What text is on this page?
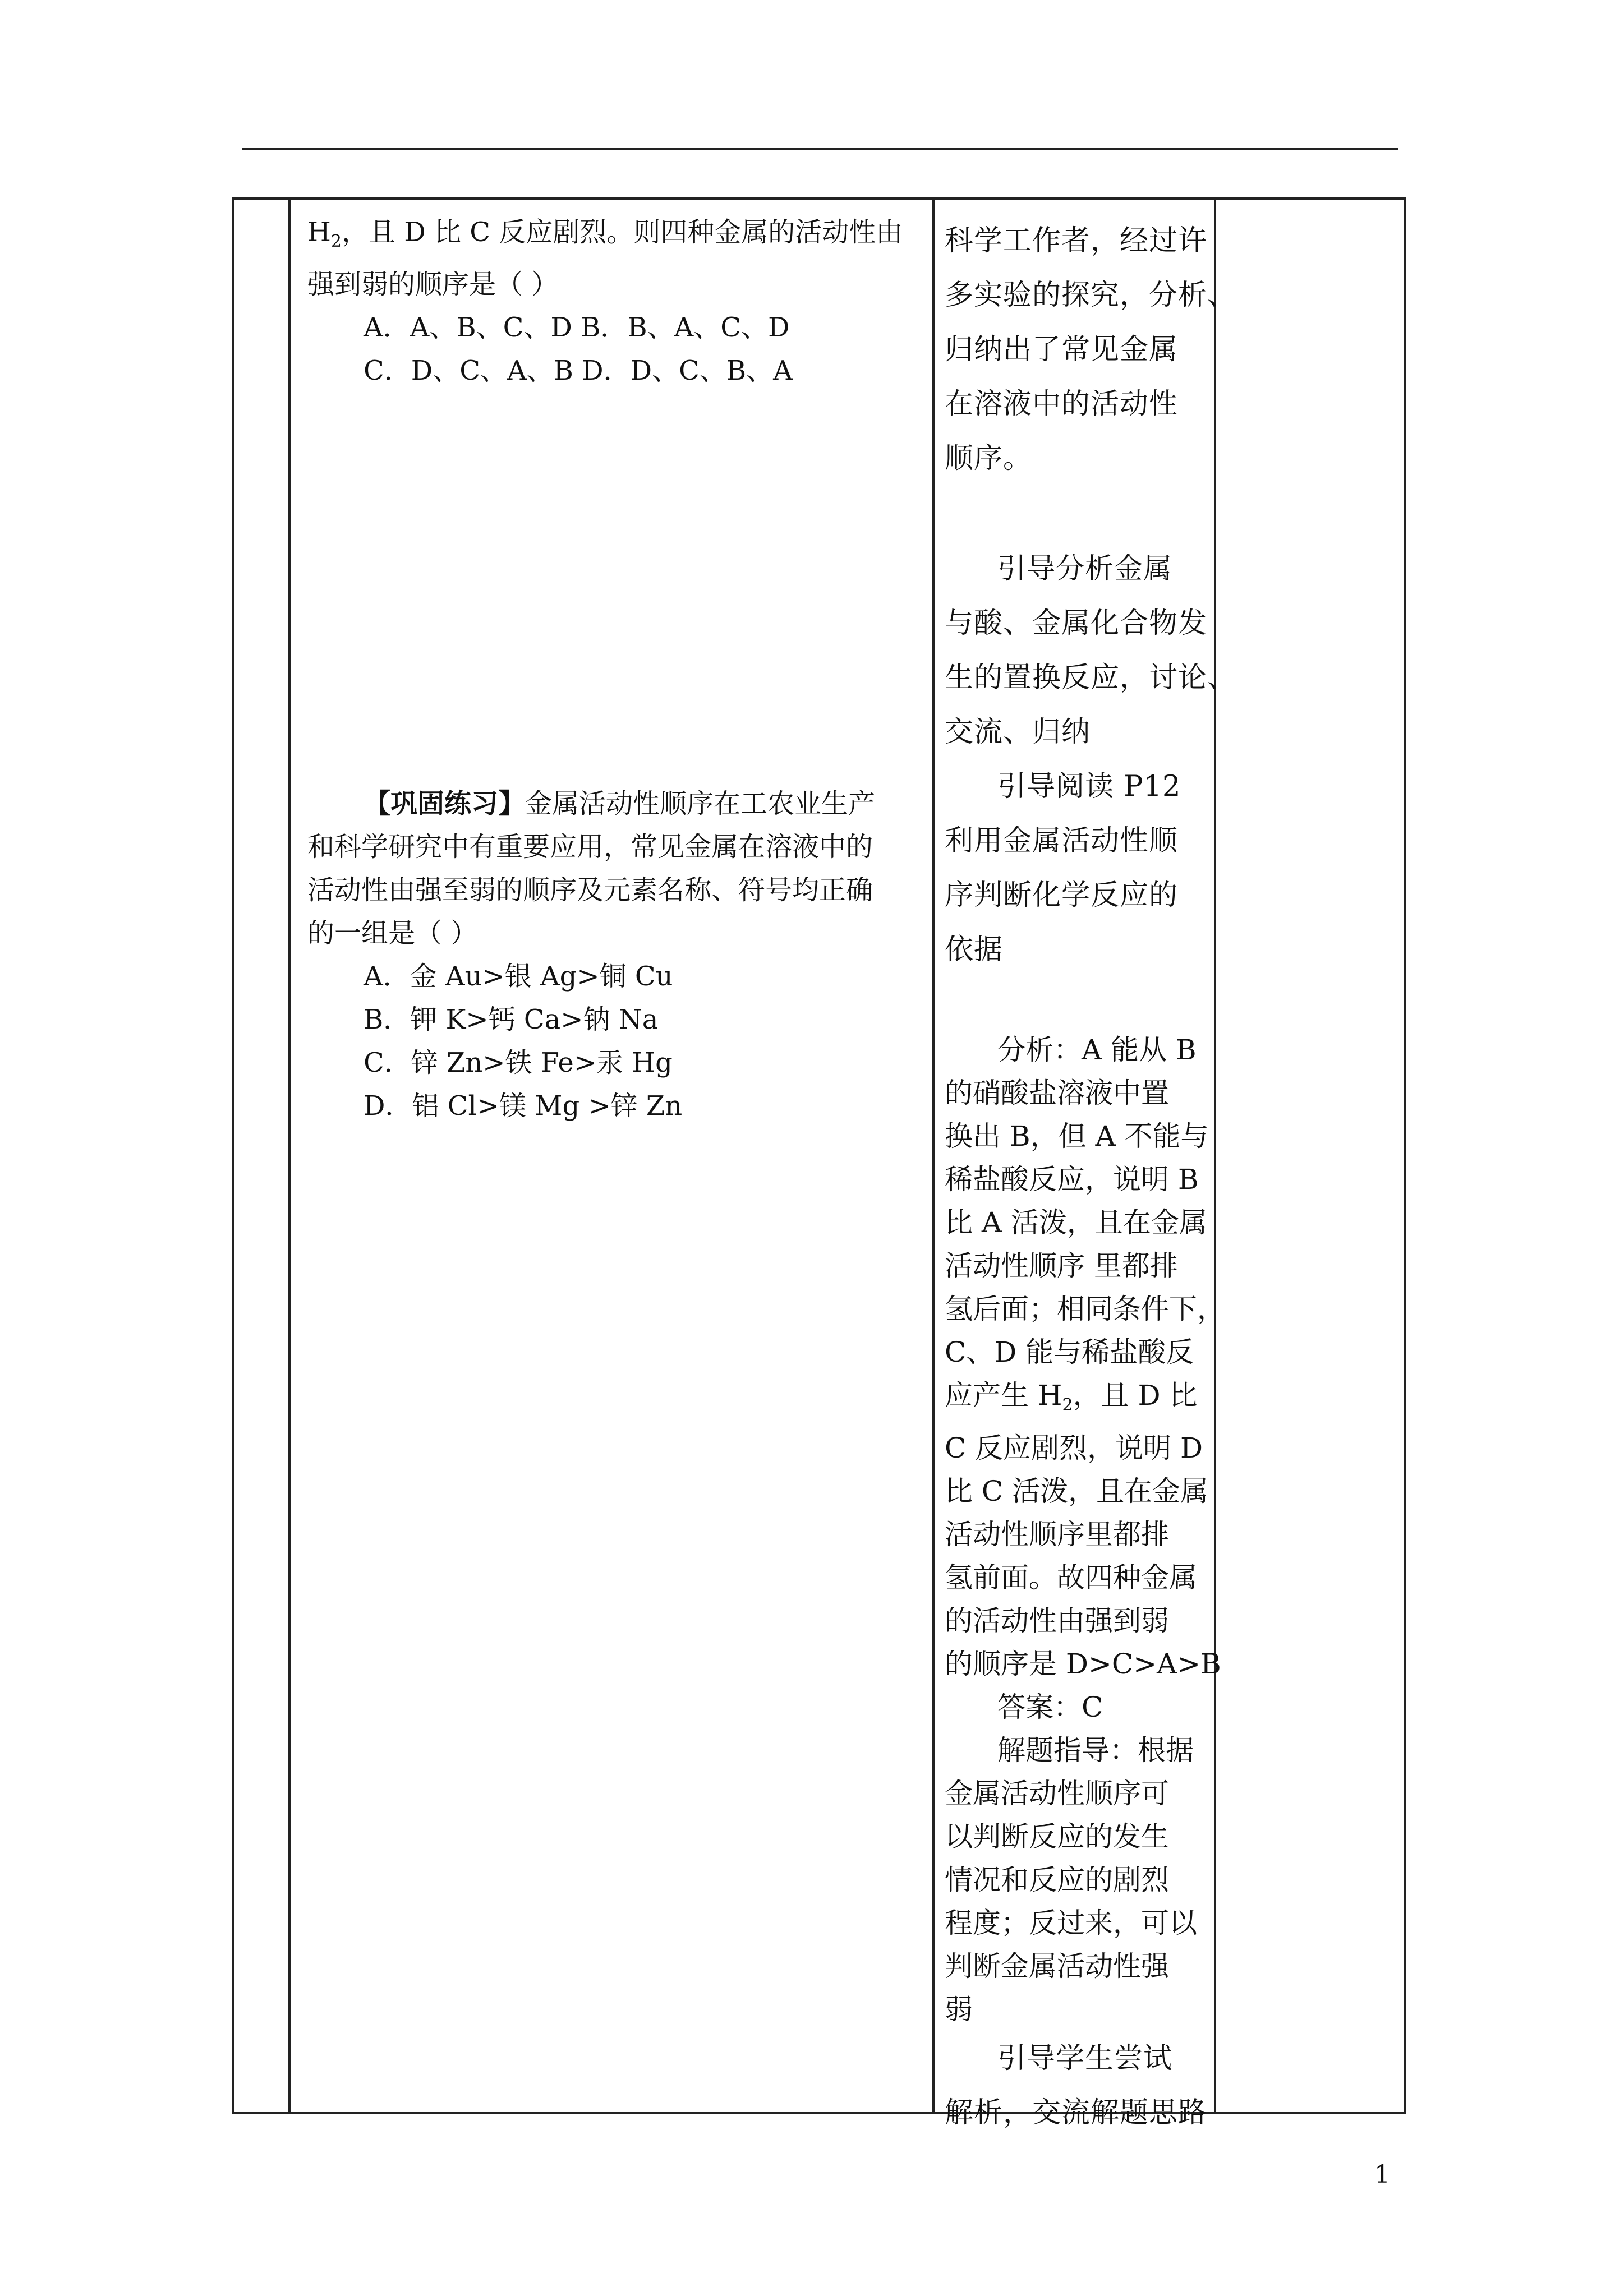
$H_2$，且 D 比 C 反应剧烈。则四种金属的活动性由

强到弱的顺序是（ ）

A．A、B、C、D B．B、A、C、D

C．D、C、A、B D．D、C、B、A

【巩固练习】金属活动性顺序在工农业生产

和科学研究中有重要应用，常见金属在溶液中的

活动性由强至弱的顺序及元素名称、符号均正确

的一组是（ ）

A．金 Au>银 Ag>铜 Cu

B．钾 K>钙 Ca>钠 Na

C．锌 Zn>铁 Fe>汞 Hg

D．铝 Cl>镁 Mg >锌 Zn

科学工作者，经过许

多实验的探究，分析、

归纳出了常见金属

在溶液中的活动性

顺序。

引导分析金属

与酸、金属化合物发

生的置换反应，讨论、

交流、归纳

引导阅读 P12

利用金属活动性顺

序判断化学反应的

依据

分析：A 能从 B

的硝酸盐溶液中置

换出 B，但 A 不能与

稀盐酸反应，说明 B

比 A 活泼，且在金属

活动性顺序 里都排

氢后面；相同条件下，

C、D 能与稀盐酸反

应产生 $H_2$，且 D 比

C 反应剧烈，说明 D

比 C 活泼，且在金属

活动性顺序里都排

氢前面。故四种金属

的活动性由强到弱

的顺序是 D>C>A>B

答案：C

解题指导：根据

金属活动性顺序可

以判断反应的发生

情况和反应的剧烈

程度；反过来，可以

判断金属活动性强

弱

引导学生尝试

解析，交流解题思路

1
